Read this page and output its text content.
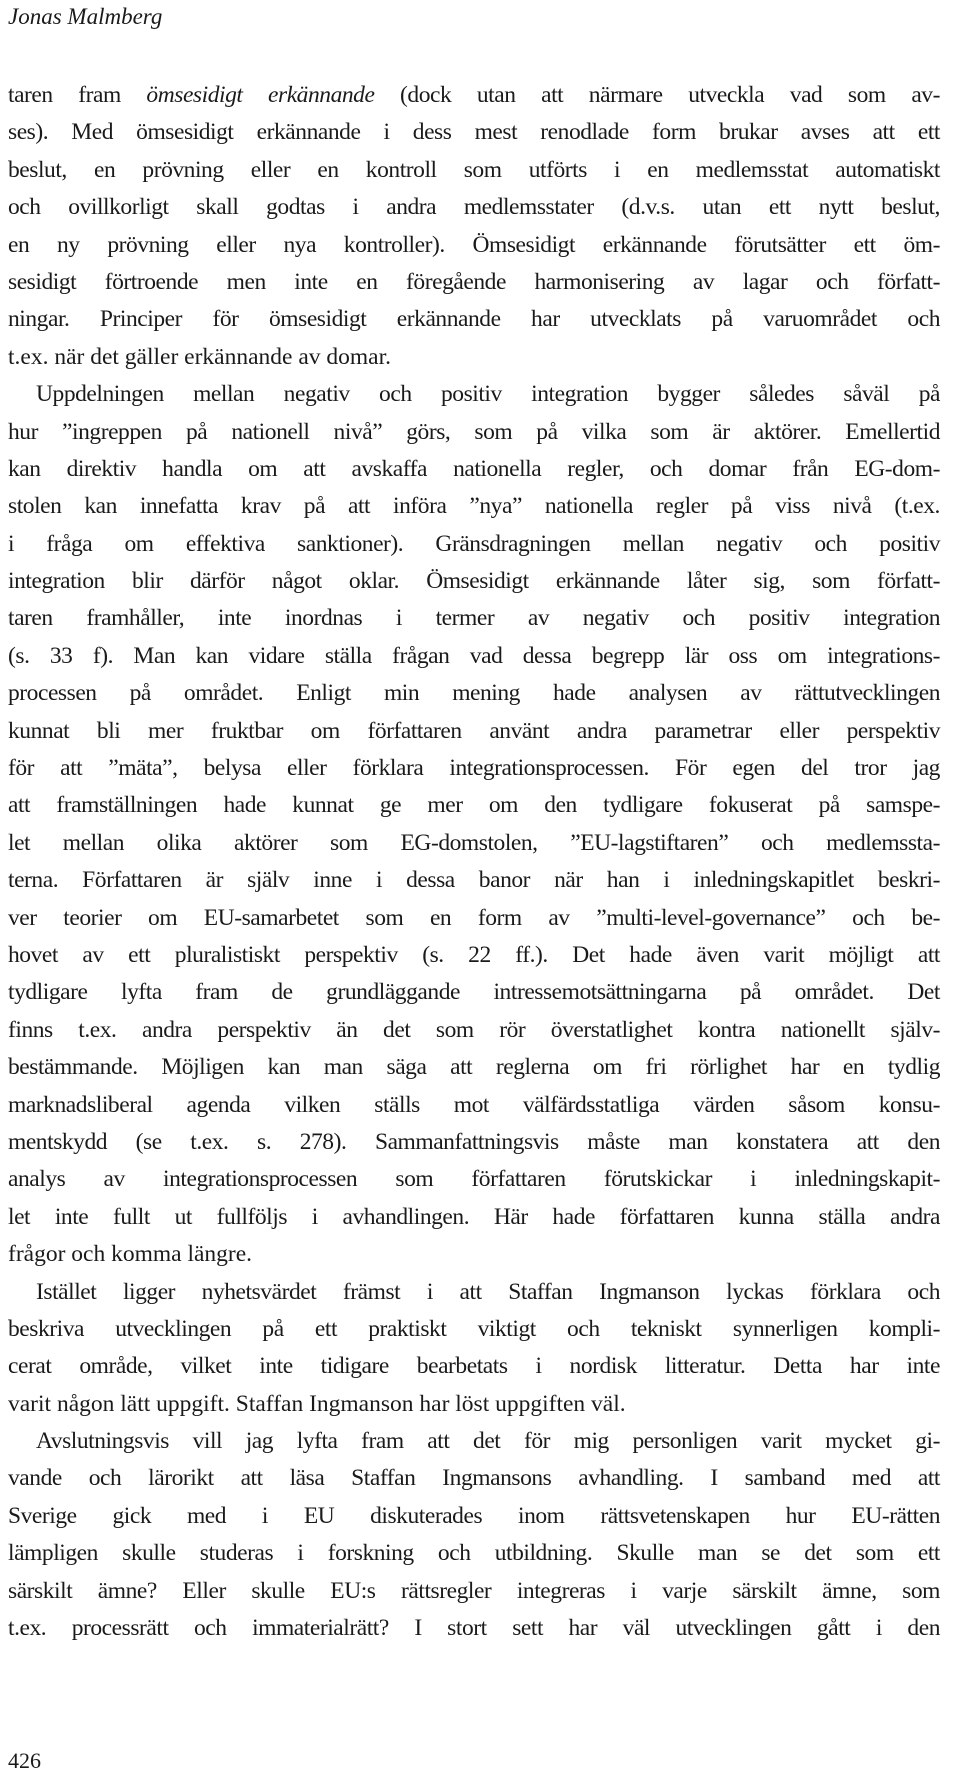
Jonas Malmberg
taren fram ömsesidigt erkännande (dock utan att närmare utveckla vad som av-
ses). Med ömsesidigt erkännande i dess mest renodlade form brukar avses att ett
beslut, en prövning eller en kontroll som utförts i en medlemsstat automatiskt
och ovillkorligt skall godtas i andra medlemsstater (d.v.s. utan ett nytt beslut,
en ny prövning eller nya kontroller). Ömsesidigt erkännande förutsätter ett öm-
sesidigt förtroende men inte en föregående harmonisering av lagar och författ-
ningar. Principer för ömsesidigt erkännande har utvecklats på varuområdet och
t.ex. när det gäller erkännande av domar.
Uppdelningen mellan negativ och positiv integration bygger således såväl på
hur ”ingreppen på nationell nivå” görs, som på vilka som är aktörer. Emellertid
kan direktiv handla om att avskaffa nationella regler, och domar från EG-dom-
stolen kan innefatta krav på att införa ”nya” nationella regler på viss nivå (t.ex.
i fråga om effektiva sanktioner). Gränsdragningen mellan negativ och positiv
integration blir därför något oklar. Ömsesidigt erkännande låter sig, som författ-
taren framhåller, inte inordnas i termer av negativ och positiv integration
(s. 33 f). Man kan vidare ställa frågan vad dessa begrepp lär oss om integrations-
processen på området. Enligt min mening hade analysen av rättutvecklingen
kunnat bli mer fruktbar om författaren använt andra parametrar eller perspektiv
för att ”mäta”, belysa eller förklara integrationsprocessen. För egen del tror jag
att framställningen hade kunnat ge mer om den tydligare fokuserat på samspe-
let mellan olika aktörer som EG-domstolen, ”EU-lagstiftaren” och medlemssta-
terna. Författaren är själv inne i dessa banor när han i inledningskapitlet beskri-
ver teorier om EU-samarbetet som en form av ”multi-level-governance” och be-
hovet av ett pluralistiskt perspektiv (s. 22 ff.). Det hade även varit möjligt att
tydligare lyfta fram de grundläggande intressemotsättningarna på området. Det
finns t.ex. andra perspektiv än det som rör överstatlighet kontra nationellt själv-
bestämmande. Möjligen kan man säga att reglerna om fri rörlighet har en tydlig
marknadsliberal agenda vilken ställs mot välfärdsstatliga värden såsom konsu-
mentskydd (se t.ex. s. 278). Sammanfattningsvis måste man konstatera att den
analys av integrationsprocessen som författaren förutskickar i inledningskapit-
let inte fullt ut fullföljs i avhandlingen. Här hade författaren kunna ställa andra
frågor och komma längre.
Istället ligger nyhetsvärdet främst i att Staffan Ingmanson lyckas förklara och
beskriva utvecklingen på ett praktiskt viktigt och tekniskt synnerligen kompli-
cerat område, vilket inte tidigare bearbetats i nordisk litteratur. Detta har inte
varit någon lätt uppgift. Staffan Ingmanson har löst uppgiften väl.
Avslutningsvis vill jag lyfta fram att det för mig personligen varit mycket gi-
vande och lärorikt att läsa Staffan Ingmansons avhandling. I samband med att
Sverige gick med i EU diskuterades inom rättsvetenskapen hur EU-rätten
lämpligen skulle studeras i forskning och utbildning. Skulle man se det som ett
särskilt ämne? Eller skulle EU:s rättsregler integreras i varje särskilt ämne, som
t.ex. processrätt och immaterialrätt? I stort sett har väl utvecklingen gått i den
426
